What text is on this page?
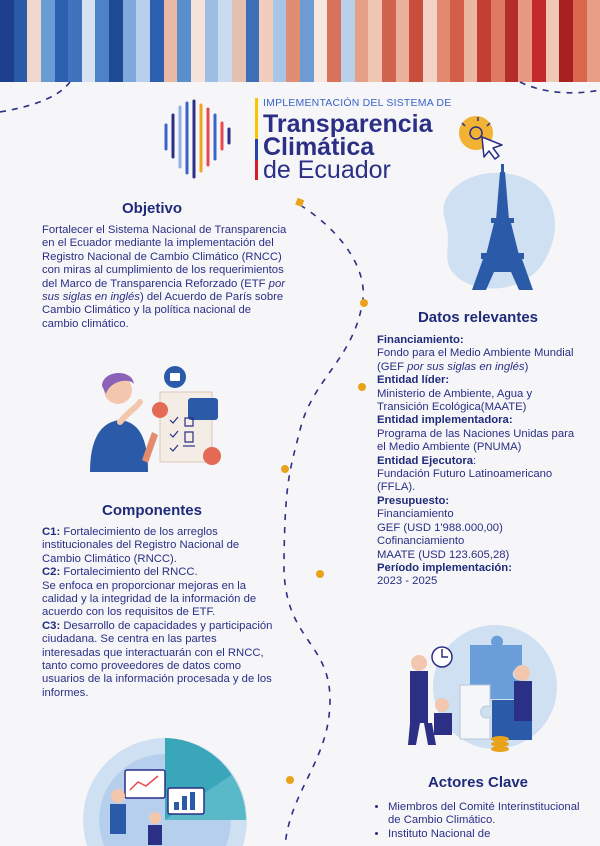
IMPLEMENTACIÓN DEL SISTEMA DE
Transparencia
Climática
de Ecuador
Objetivo
Fortalecer el Sistema Nacional de Transparencia en el Ecuador mediante la implementación del Registro Nacional de Cambio Climático (RNCC) con miras al cumplimiento de los requerimientos del Marco de Transparencia Reforzado (ETF por sus siglas en inglés) del Acuerdo de París sobre Cambio Climático y la política nacional de cambio climático.	Datos relevantes

Financiamiento:

Fondo para el Medio Ambiente Mundial (GEF por sus siglas en inglés)

Entidad líder:

Ministerio de Ambiente, Agua y Transición Ecológica(MAATE)

Entidad implementadora:

Programa de las Naciones Unidas para el Medio Ambiente (PNUMA)

Entidad Ejecutora:

Fundación Futuro Latinoamericano (FFLA).

Presupuesto:

Financiamiento

GEF (USD 1'988.000,00)

Cofinanciamiento

MAATE (USD 123.605,28)

Período implementación:

2023 - 2025

Componentes
C1: Fortalecimiento de los arreglos institucionales del Registro Nacional de Cambio Climático (RNCC).
C2: Fortalecimiento del RNCC.
Se enfoca en proporcionar mejoras en la calidad y la integridad de la información de acuerdo con los requisitos de ETF.
C3: Desarrollo de capacidades y participación ciudadana. Se centra en las partes interesadas que interactuarán con el RNCC, tanto como proveedores de datos como usuarios de la información procesada y de los informes.
Actores Clave
• Miembros del Comité Interinstitucional de Cambio Climático.
• Instituto Nacional de
